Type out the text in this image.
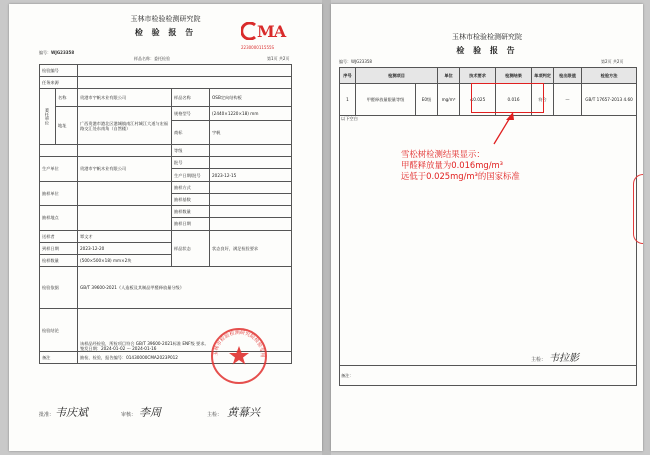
玉林市检验检测研究院
检 验 报 告	MA
223000011555S
编号：WJG23358
样品名称：委托检验	第1页 共2页
检验编号				
任务来源				
委托单位	名称	贵港市宇帆木业有限公司	样品名称	OSB定向结构板
	地址	广西贵港市港北区港城镇南江村城江大道与宏福路交汇处东南角（自然楼）	规格型号	(2440×1220×18) mm
			商标	宇帆
			等级	
生产单位		贵港市宇帆木业有限公司	批号	
			生产日期/批号	2023-12-15
抽样单位			抽样方式	
			抽样基数	
抽样地点			抽样数量	
			抽样日期	
送样者		覃文才	样品状态	状态良好，满足检验要求
到样日期		2023-12-20		
检样数量		(500×500×18) mm×2块		
检验依据		GB/T 39600-2021《人造板及其制品甲醛释放量分级》		
检验结论		该样品经检验，所检项目符合 GB/T 39600-2021标准 ENF级 要求。
签发日期：2024-01-02 ～ 2024-01-16		

备注		抽检、检验，报告编号：01430000CMA2023P012		
玉林市检验检测研究院检验专用
批准： 韦庆斌	审核： 李周	主检： 黄幕兴
玉林市检验检测研究院
检 验 报 告
编号：WJG23358	第2页 共2页
序号	检测项目		单位	技术要求	检测结果	单项判定	检出限值	检验方法
1	甲醛释放量限量等级	E0级	mg/m³	≤0.025	0.016	符合	—	GB/T 17657-2013 4.60
以下空白								
备注：								
雪松树检测结果显示：
甲醛释放量为0.016mg/m³
远低于0.025mg/m³的国家标准
主检： 韦拉影
